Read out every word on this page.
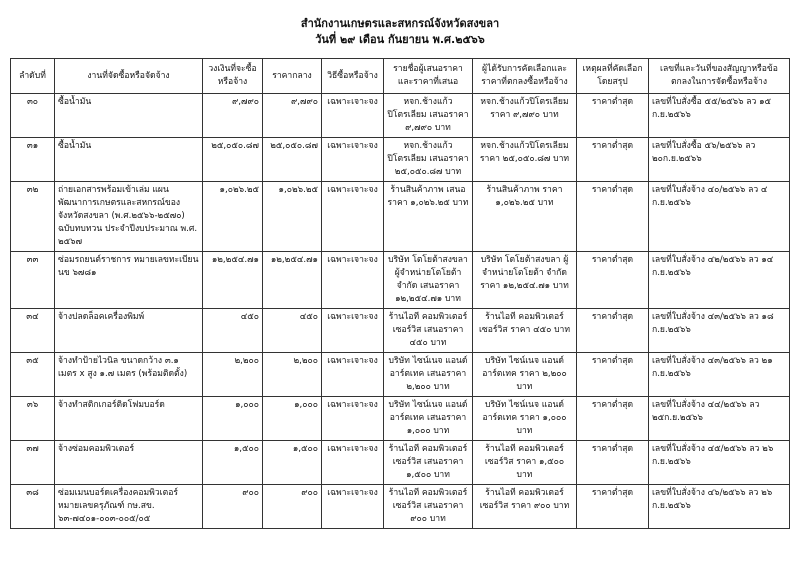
สำนักงานเกษตรและสหกรณ์จังหวัดสงขลา
วันที่ ๒๙ เดือน กันยายน พ.ศ.๒๕๖๖
ลำดับที่	งานที่จัดซื้อหรือจัดจ้าง	วงเงินที่จะซื้อหรือจ้าง	ราคากลาง	วิธีซื้อหรือจ้าง	รายชื่อผู้เสนอราคาและราคาที่เสนอ	ผู้ได้รับการคัดเลือกและราคาที่ตกลงซื้อหรือจ้าง	เหตุผลที่คัดเลือกโดยสรุป	เลขที่และวันที่ของสัญญาหรือข้อตกลงในการจัดซื้อหรือจ้าง
๓๐	ซื้อน้ำมัน	๙,๗๙๐	๙,๗๙๐	เฉพาะเจาะจง	หจก.ช้างแก้ว ปิโตรเลียม เสนอราคา ๙,๗๙๐ บาท	หจก.ช้างแก้วปิโตรเลียม ราคา ๙,๗๙๐ บาท	ราคาต่ำสุด	เลขที่ใบสั่งซื้อ ๕๕/๒๕๖๖ ลว ๑๕ ก.ย.๒๕๖๖
๓๑	ซื้อน้ำมัน	๒๕,๐๕๐.๘๗	๒๕,๐๕๐.๘๗	เฉพาะเจาะจง	หจก.ช้างแก้ว ปิโตรเลียม เสนอราคา ๒๕,๐๕๐.๘๗ บาท	หจก.ช้างแก้วปิโตรเลียม ราคา ๒๕,๐๕๐.๘๗ บาท	ราคาต่ำสุด	เลขที่ใบสั่งซื้อ ๕๖/๒๕๖๖ ลว ๒๐ก.ย.๒๕๖๖
๓๒	ถ่ายเอกสารพร้อมเข้าเล่ม แผนพัฒนาการเกษตรและสหกรณ์ของจังหวัดสงขลา (พ.ศ.๒๕๖๖-๒๕๗๐) ฉบับทบทวน ประจำปีงบประมาณ พ.ศ. ๒๕๖๗	๑,๐๒๖.๒๕	๑,๐๒๖.๒๕	เฉพาะเจาะจง	ร้านสินค้าภาพ เสนอราคา ๑,๐๒๖.๒๕ บาท	ร้านสินค้าภาพ ราคา ๑,๐๒๖.๒๕ บาท	ราคาต่ำสุด	เลขที่ใบสั่งจ้าง ๔๐/๒๕๖๖ ลว ๔ ก.ย.๒๕๖๖
๓๓	ซ่อมรถยนต์ราชการ หมายเลขทะเบียน นข ๖๗๘๑	๑๒,๒๕๔.๗๑	๑๒,๒๕๔.๗๑	เฉพาะเจาะจง	บริษัท โตโยต้าสงขลา ผู้จำหน่ายโตโยต้า จำกัด เสนอราคา ๑๒,๒๕๔.๗๑ บาท	บริษัท โตโยต้าสงขลา ผู้จำหน่ายโตโยต้า จำกัด ราคา ๑๒,๒๕๔.๗๑ บาท	ราคาต่ำสุด	เลขที่ใบสั่งจ้าง ๔๒/๒๕๖๖ ลว ๑๔ ก.ย.๒๕๖๖
๓๔	จ้างปลดล็อคเครื่องพิมพ์	๔๕๐	๔๕๐	เฉพาะเจาะจง	ร้านไอที คอมพิวเตอร์ เซอร์วิส เสนอราคา ๔๕๐ บาท	ร้านไอที คอมพิวเตอร์ เซอร์วิส ราคา ๔๕๐ บาท	ราคาต่ำสุด	เลขที่ใบสั่งจ้าง ๔๓/๒๕๖๖ ลว ๑๘ ก.ย.๒๕๖๖
๓๕	จ้างทำป้ายไวนิล ขนาดกว้าง ๓.๑ เมตร x สูง ๑.๗ เมตร (พร้อมติดตั้ง)	๒,๒๐๐	๒,๒๐๐	เฉพาะเจาะจง	บริษัท ไซน์เนจ แอนด์ อาร์ตเทค เสนอราคา ๒,๒๐๐ บาท	บริษัท ไซน์เนจ แอนด์ อาร์ตเทค ราคา ๒,๒๐๐ บาท	ราคาต่ำสุด	เลขที่ใบสั่งจ้าง ๔๓/๒๕๖๖ ลว ๒๑ ก.ย.๒๕๖๖
๓๖	จ้างทำสติกเกอร์ติดโฟมบอร์ด	๑,๐๐๐	๑,๐๐๐	เฉพาะเจาะจง	บริษัท ไซน์เนจ แอนด์ อาร์ตเทค เสนอราคา ๑,๐๐๐ บาท	บริษัท ไซน์เนจ แอนด์ อาร์ตเทค ราคา ๑,๐๐๐ บาท	ราคาต่ำสุด	เลขที่ใบสั่งจ้าง ๔๔/๒๕๖๖ ลว ๒๕ก.ย.๒๕๖๖
๓๗	จ้างซ่อมคอมพิวเตอร์	๑,๕๐๐	๑,๕๐๐	เฉพาะเจาะจง	ร้านไอที คอมพิวเตอร์ เซอร์วิส เสนอราคา ๑,๕๐๐ บาท	ร้านไอที คอมพิวเตอร์ เซอร์วิส ราคา ๑,๕๐๐ บาท	ราคาต่ำสุด	เลขที่ใบสั่งจ้าง ๔๕/๒๕๖๖ ลว ๒๖ ก.ย.๒๕๖๖
๓๘	ซ่อมเมนบอร์ดเครื่องคอมพิวเตอร์ หมายเลขครุภัณฑ์ กษ.สข. ๖๓-๗๔๐๑-๐๐๓-๐๐๕/๐๕	๙๐๐	๙๐๐	เฉพาะเจาะจง	ร้านไอที คอมพิวเตอร์ เซอร์วิส เสนอราคา ๙๐๐ บาท	ร้านไอที คอมพิวเตอร์ เซอร์วิส ราคา ๙๐๐ บาท	ราคาต่ำสุด	เลขที่ใบสั่งจ้าง ๔๖/๒๕๖๖ ลว ๒๖ ก.ย.๒๕๖๖
